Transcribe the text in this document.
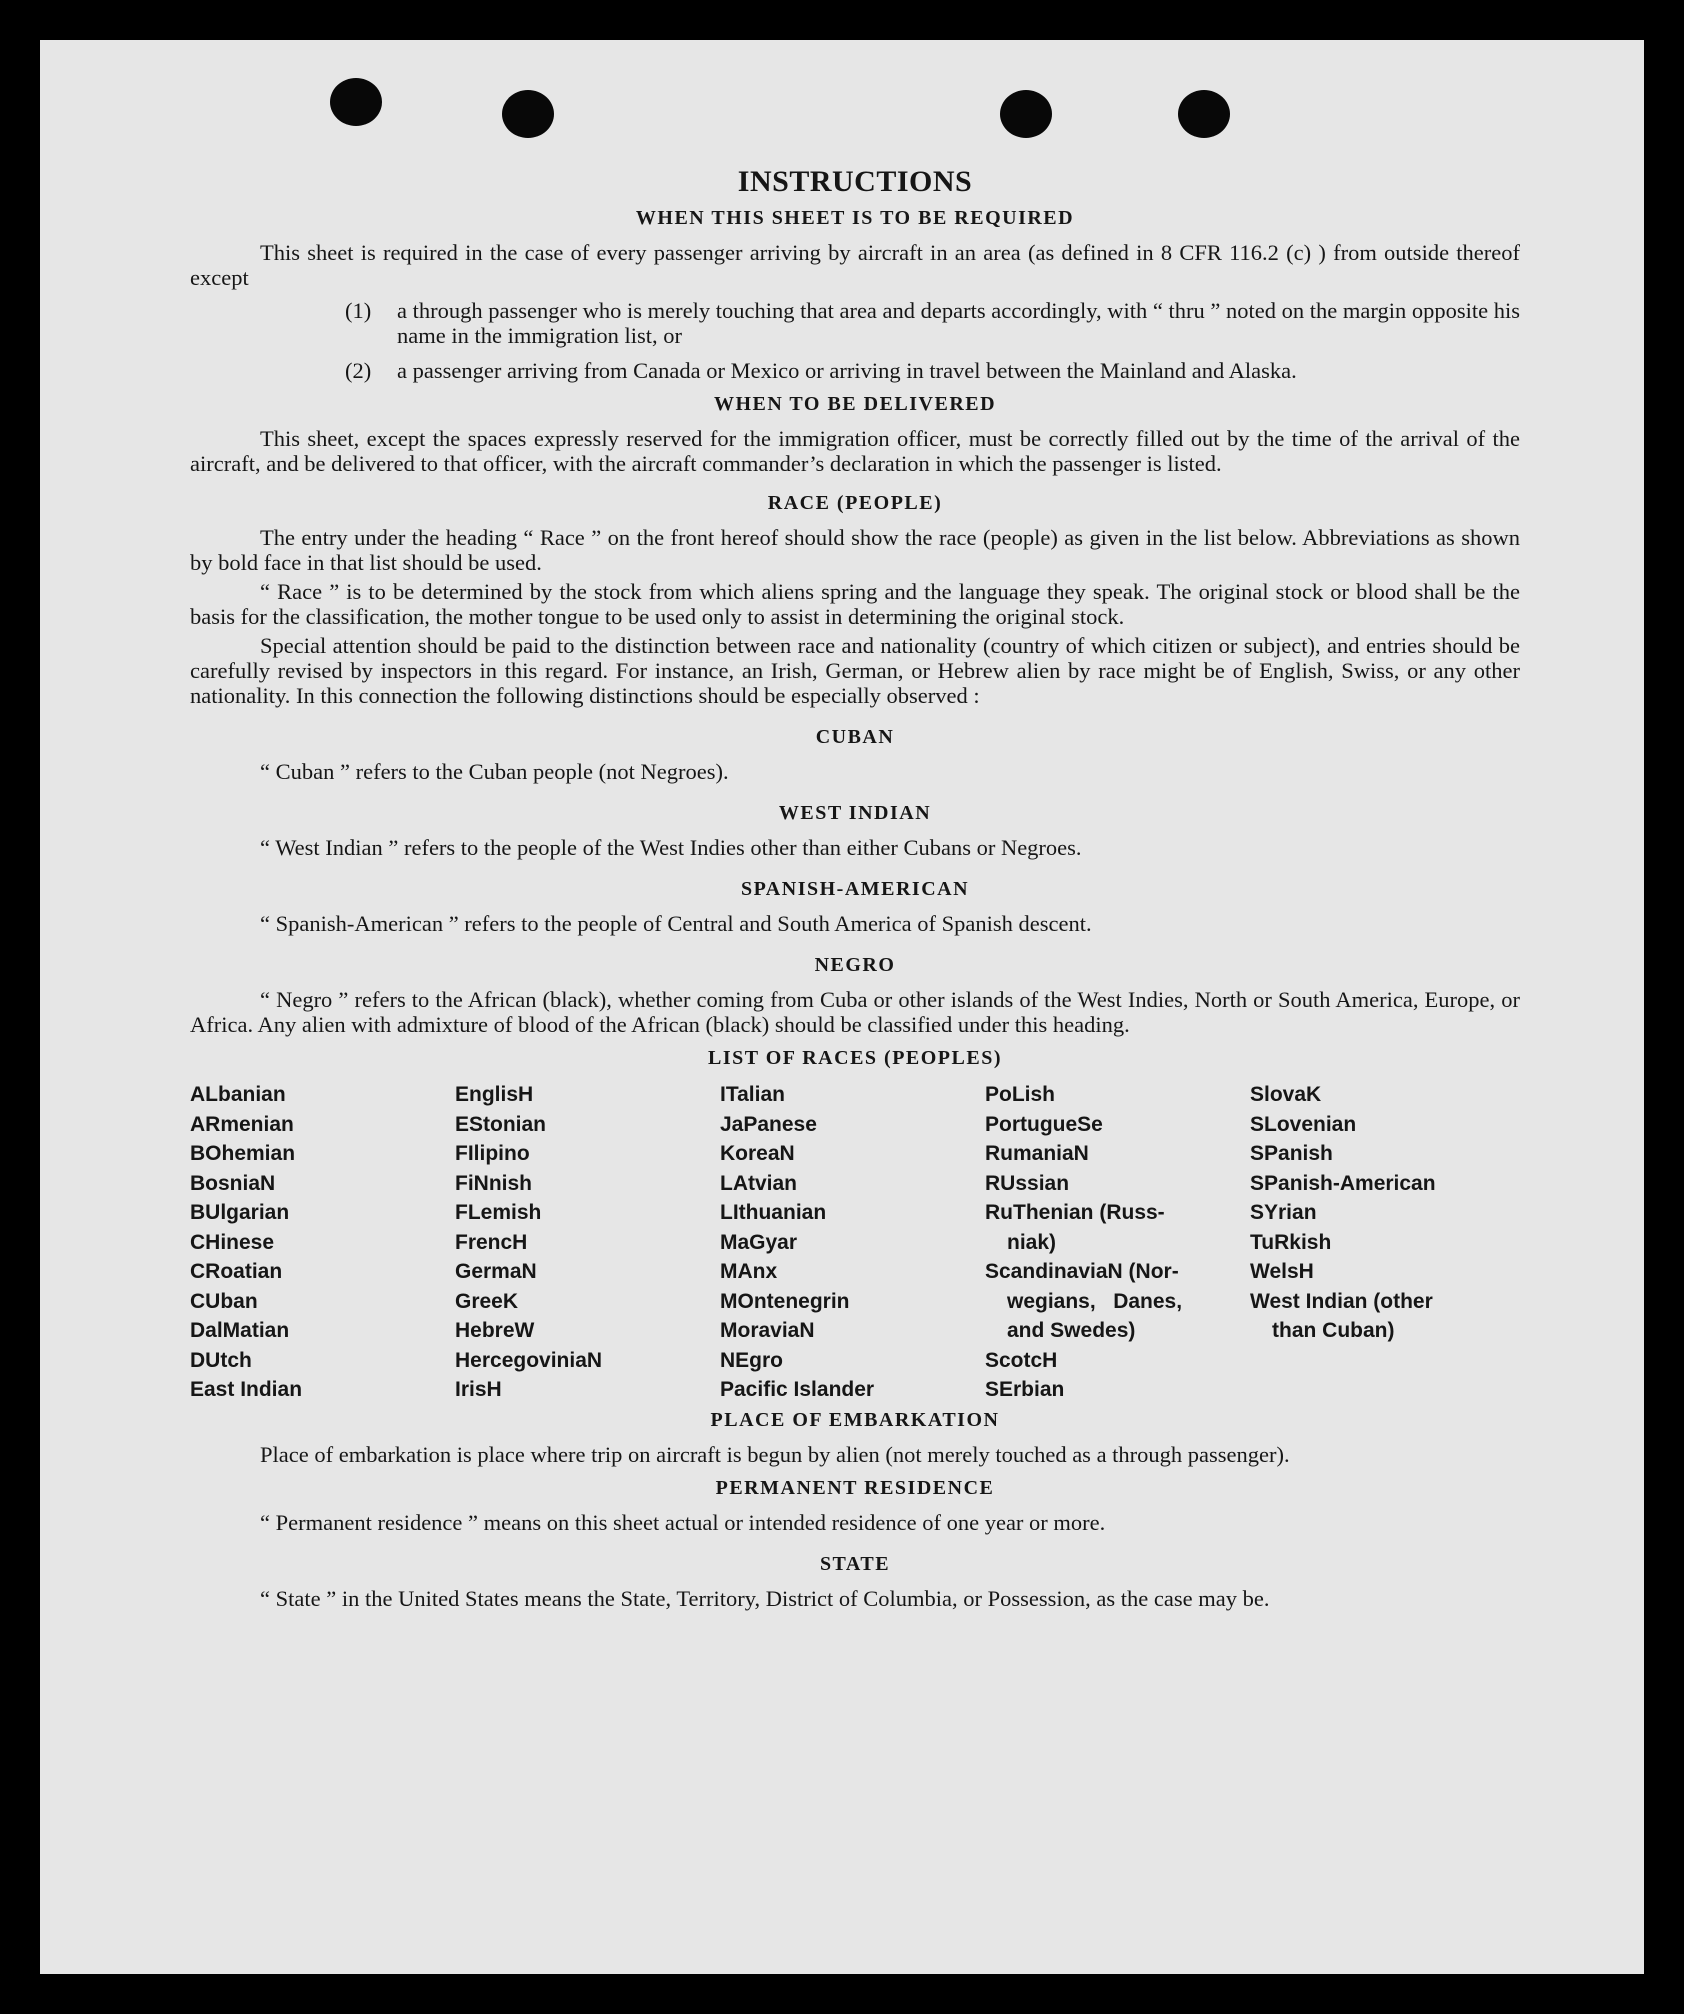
INSTRUCTIONS
WHEN THIS SHEET IS TO BE REQUIRED

This sheet is required in the case of every passenger arriving by aircraft in an area (as defined in 8 CFR 116.2 (c) ) from outside thereof except

(1)	a through passenger who is merely touching that area and departs accordingly, with “ thru ” noted on the margin opposite his name in the immigration list, or
(2)	a passenger arriving from Canada or Mexico or arriving in travel between the Mainland and Alaska.
WHEN TO BE DELIVERED

This sheet, except the spaces expressly reserved for the immigration officer, must be correctly filled out by the time of the arrival of the aircraft, and be delivered to that officer, with the aircraft commander’s declaration in which the passenger is listed.

RACE (PEOPLE)

The entry under the heading “ Race ” on the front hereof should show the race (people) as given in the list below. Abbreviations as shown by bold face in that list should be used.

“ Race ” is to be determined by the stock from which aliens spring and the language they speak. The original stock or blood shall be the basis for the classification, the mother tongue to be used only to assist in determining the original stock.

Special attention should be paid to the distinction between race and nationality (country of which citizen or subject), and entries should be carefully revised by inspectors in this regard. For instance, an Irish, German, or Hebrew alien by race might be of English, Swiss, or any other nationality. In this connection the following distinctions should be especially observed :

CUBAN

“ Cuban ” refers to the Cuban people (not Negroes).

WEST INDIAN

“ West Indian ” refers to the people of the West Indies other than either Cubans or Negroes.

SPANISH-AMERICAN

“ Spanish-American ” refers to the people of Central and South America of Spanish descent.

NEGRO

“ Negro ” refers to the African (black), whether coming from Cuba or other islands of the West Indies, North or South America, Europe, or Africa. Any alien with admixture of blood of the African (black) should be classified under this heading.

LIST OF RACES (PEOPLES)
ALbanian
ARmenian
BOhemian
BosniaN
BUlgarian
CHinese
CRoatian
CUban
DalMatian
DUtch
East Indian
EnglisH
EStonian
FIlipino
FiNnish
FLemish
FrencH
GermaN
GreeK
HebreW
HercegoviniaN
IrisH
ITalian
JaPanese
KoreaN
LAtvian
LIthuanian
MaGyar
MAnx
MOntenegrin
MoraviaN
NEgro
Pacific Islander
PoLish
PortugueSe
RumaniaN
RUssian
RuThenian (Russ-
niak)
ScandinaviaN (Nor-
wegians,   Danes,
and Swedes)
ScotcH
SErbian
SlovaK
SLovenian
SPanish
SPanish-American
SYrian
TuRkish
WelsH
West Indian (other
than Cuban)
PLACE OF EMBARKATION

Place of embarkation is place where trip on aircraft is begun by alien (not merely touched as a through passenger).

PERMANENT RESIDENCE

“ Permanent residence ” means on this sheet actual or intended residence of one year or more.

STATE

“ State ” in the United States means the State, Territory, District of Columbia, or Possession, as the case may be.
